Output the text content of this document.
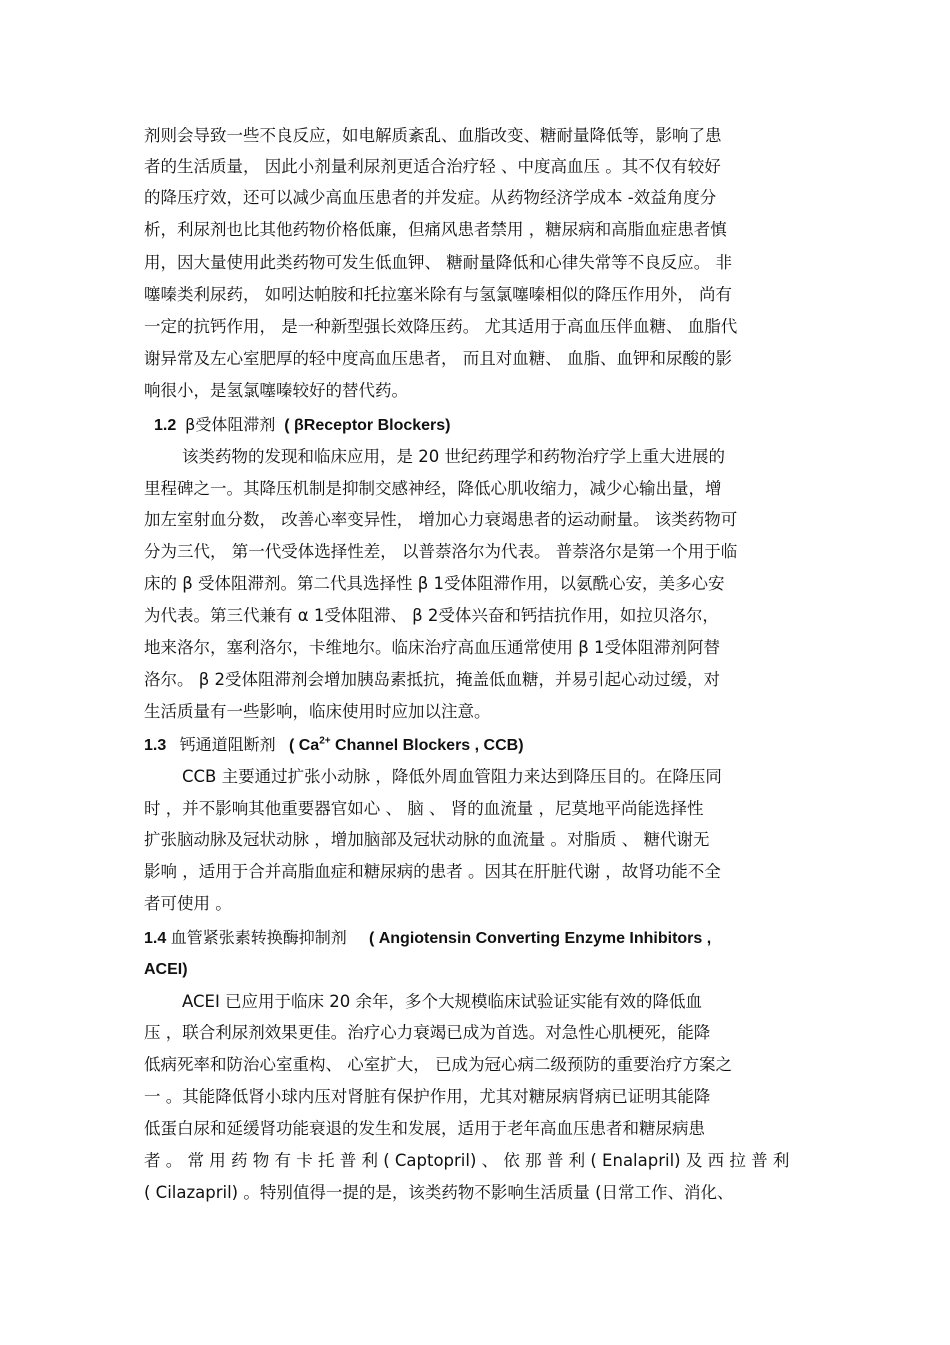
剂则会导致一些不良反应，如电解质紊乱、血脂改变、糖耐量降低等，影响了患
者的生活质量， 因此小剂量利尿剂更适合治疗轻 、中度高血压 。其不仅有较好
的降压疗效，还可以减少高血压患者的并发症。从药物经济学成本 -效益角度分
析，利尿剂也比其他药物价格低廉，但痛风患者禁用 ，糖尿病和高脂血症患者慎
用，因大量使用此类药物可发生低血钾、 糖耐量降低和心律失常等不良反应。 非
噻嗪类利尿药， 如吲达帕胺和托拉塞米除有与氢氯噻嗪相似的降压作用外， 尚有
一定的抗钙作用， 是一种新型强长效降压药。 尤其适用于高血压伴血糖、 血脂代
谢异常及左心室肥厚的轻中度高血压患者， 而且对血糖、 血脂、血钾和尿酸的影
响很小，是氢氯噻嗪较好的替代药。
1.2 β受体阻滞剂 ( βReceptor Blockers)
该类药物的发现和临床应用，是 20 世纪药理学和药物治疗学上重大进展的
里程碑之一。其降压机制是抑制交感神经，降低心肌收缩力，减少心输出量，增
加左室射血分数， 改善心率变异性， 增加心力衰竭患者的运动耐量。 该类药物可
分为三代， 第一代受体选择性差， 以普萘洛尔为代表。 普萘洛尔是第一个用于临
床的 β 受体阻滞剂。第二代具选择性 β 1受体阻滞作用，以氨酰心安，美多心安
为代表。第三代兼有 α 1受体阻滞、 β 2受体兴奋和钙拮抗作用，如拉贝洛尔，
地来洛尔，塞利洛尔，卡维地尔。临床治疗高血压通常使用 β 1受体阻滞剂阿替
洛尔。 β 2受体阻滞剂会增加胰岛素抵抗，掩盖低血糖，并易引起心动过缓，对
生活质量有一些影响，临床使用时应加以注意。
1.3 钙通道阻断剂 ( $Ca^{2+}$ Channel Blockers , CCB)
CCB 主要通过扩张小动脉 ，降低外周血管阻力来达到降压目的。在降压同
时 ，并不影响其他重要器官如心 、 脑 、 肾的血流量 ，尼莫地平尚能选择性
扩张脑动脉及冠状动脉 ，增加脑部及冠状动脉的血流量 。对脂质 、 糖代谢无
影响 ，适用于合并高脂血症和糖尿病的患者 。因其在肝脏代谢 ，故肾功能不全
者可使用 。
1.4 血管紧张素转换酶抑制剂 ( Angiotensin Converting Enzyme Inhibitors ,
ACEI)
ACEI 已应用于临床 20 余年，多个大规模临床试验证实能有效的降低血
压 ，联合利尿剂效果更佳。治疗心力衰竭已成为首选。对急性心肌梗死，能降
低病死率和防治心室重构、 心室扩大， 已成为冠心病二级预防的重要治疗方案之
一 。其能降低肾小球内压对肾脏有保护作用，尤其对糖尿病肾病已证明其能降
低蛋白尿和延缓肾功能衰退的发生和发展，适用于老年高血压患者和糖尿病患
者 。 常 用 药 物 有 卡 托 普 利 ( Captopril) 、 依 那 普 利 ( Enalapril) 及 西 拉 普 利
( Cilazapril) 。特别值得一提的是，该类药物不影响生活质量 (日常工作、消化、
